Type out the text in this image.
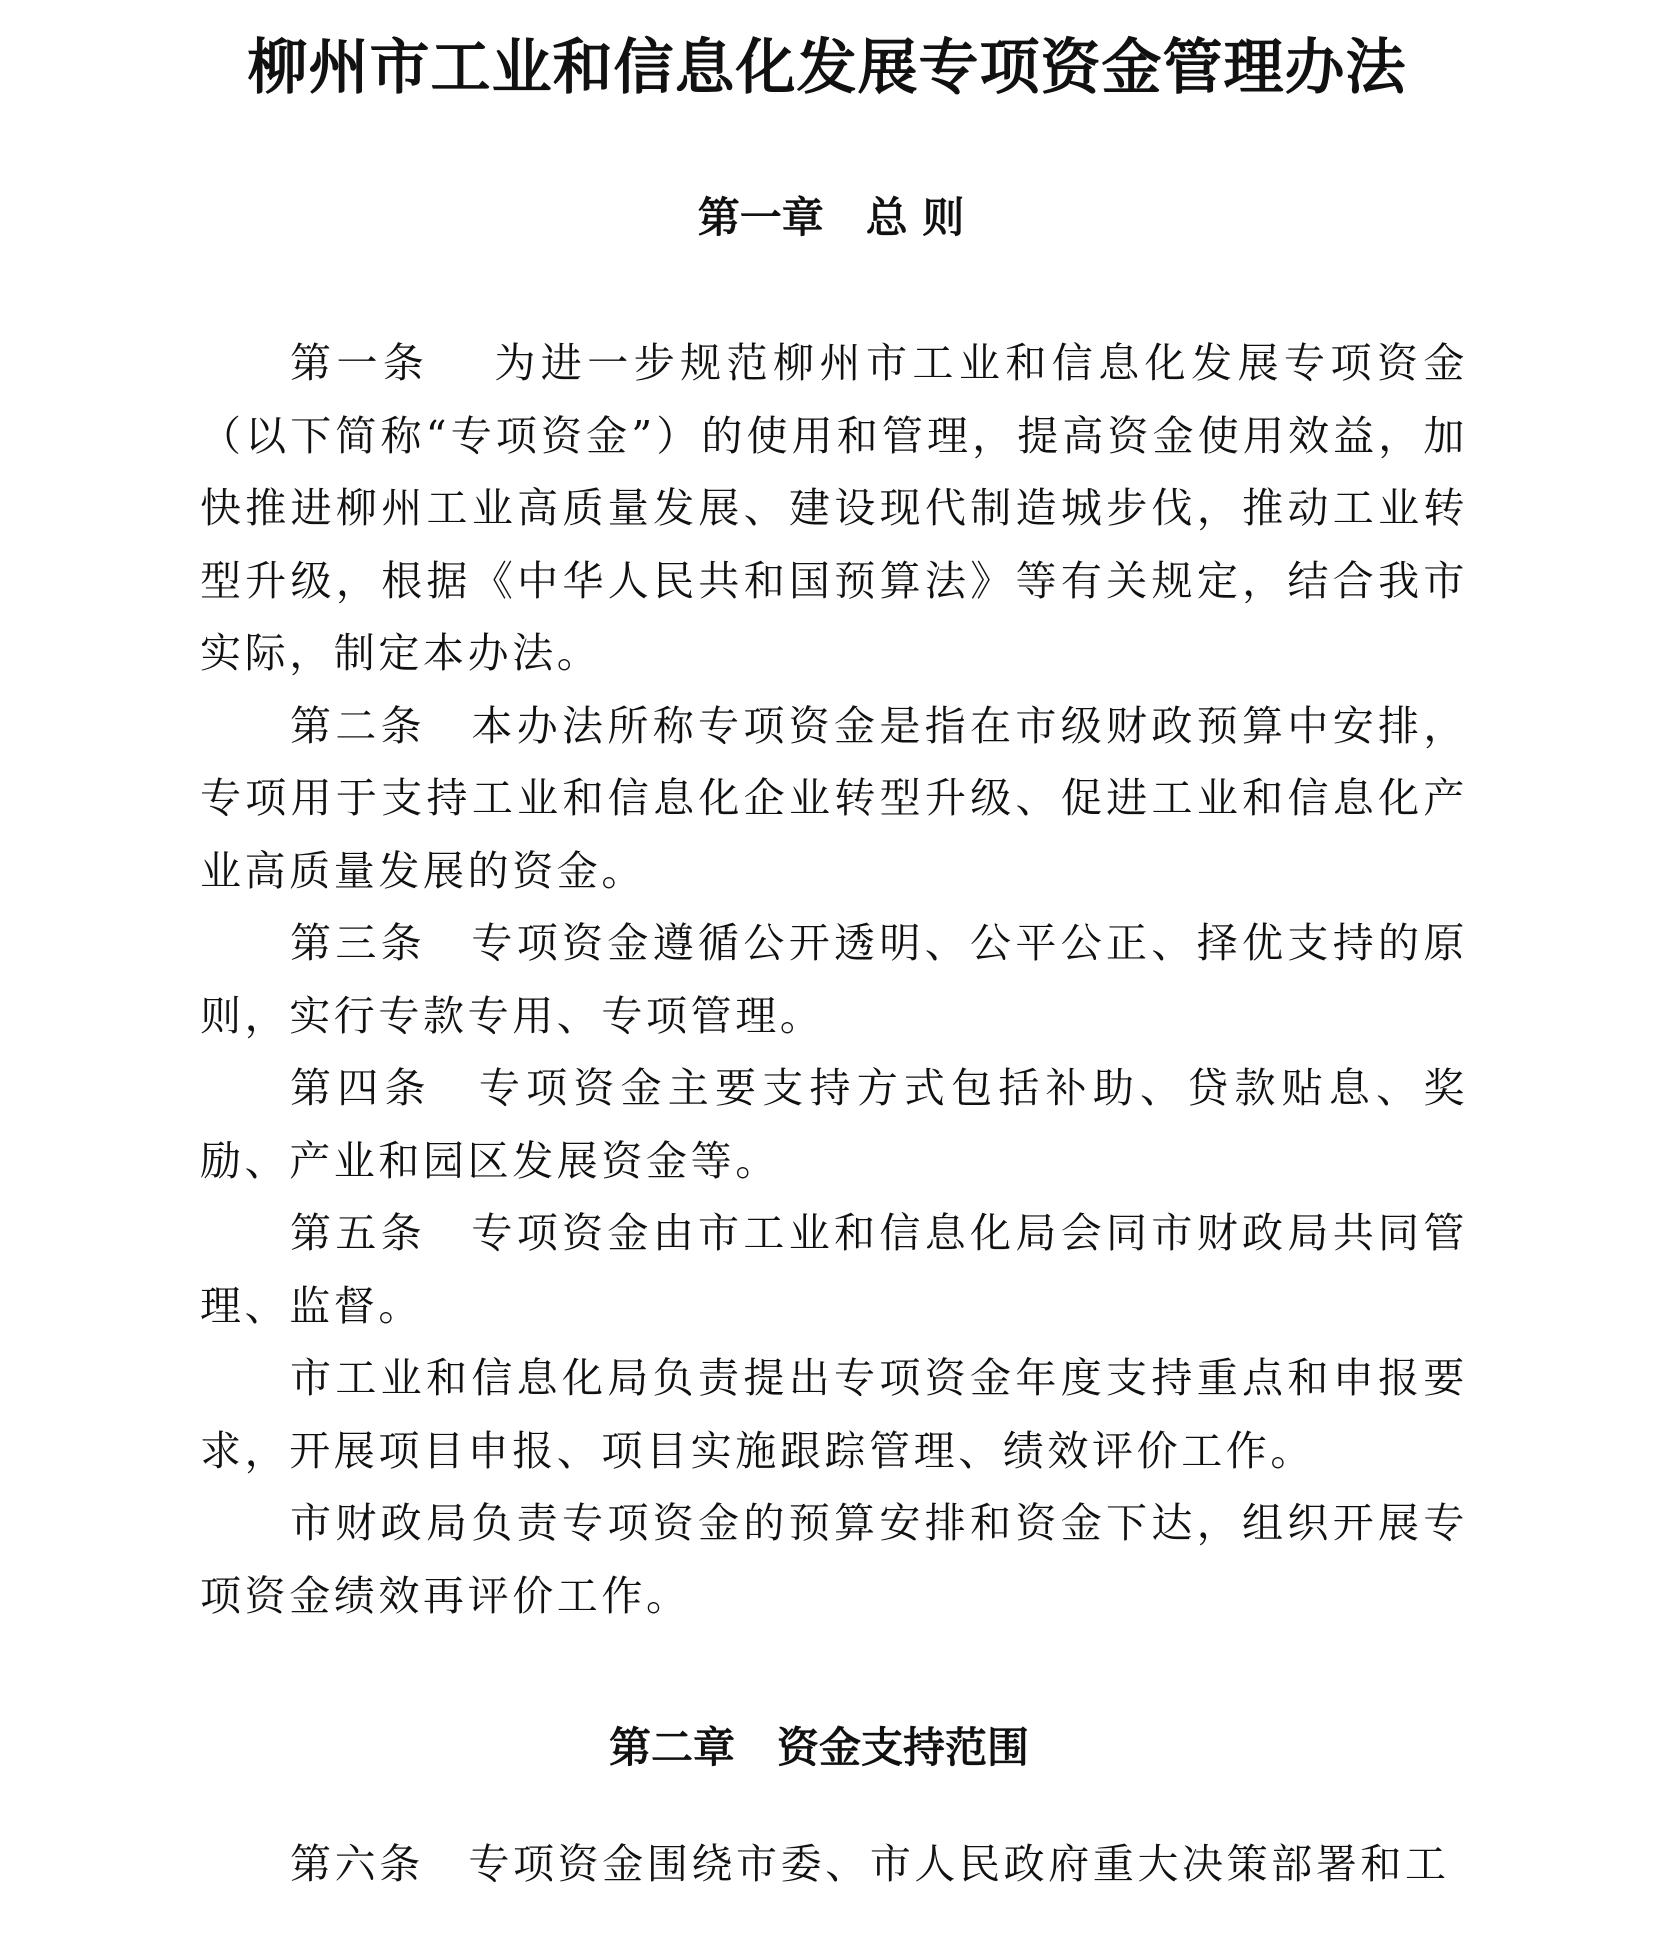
柳州市工业和信息化发展专项资金管理办法
第一章　总 则

第一条　 为进一步规范柳州市工业和信息化发展专项资金（以下简称“专项资金”）的使用和管理，提高资金使用效益，加快推进柳州工业高质量发展、建设现代制造城步伐，推动工业转型升级，根据《中华人民共和国预算法》等有关规定，结合我市实际，制定本办法。

第二条　 本办法所称专项资金是指在市级财政预算中安排，专项用于支持工业和信息化企业转型升级、促进工业和信息化产业高质量发展的资金。

第三条　 专项资金遵循公开透明、公平公正、择优支持的原则，实行专款专用、专项管理。

第四条　 专项资金主要支持方式包括补助、贷款贴息、奖励、产业和园区发展资金等。

第五条　 专项资金由市工业和信息化局会同市财政局共同管理、监督。

市工业和信息化局负责提出专项资金年度支持重点和申报要求，开展项目申报、项目实施跟踪管理、绩效评价工作。

市财政局负责专项资金的预算安排和资金下达，组织开展专项资金绩效再评价工作。

第二章　资金支持范围

第六条　 专项资金围绕市委、市人民政府重大决策部署和工
